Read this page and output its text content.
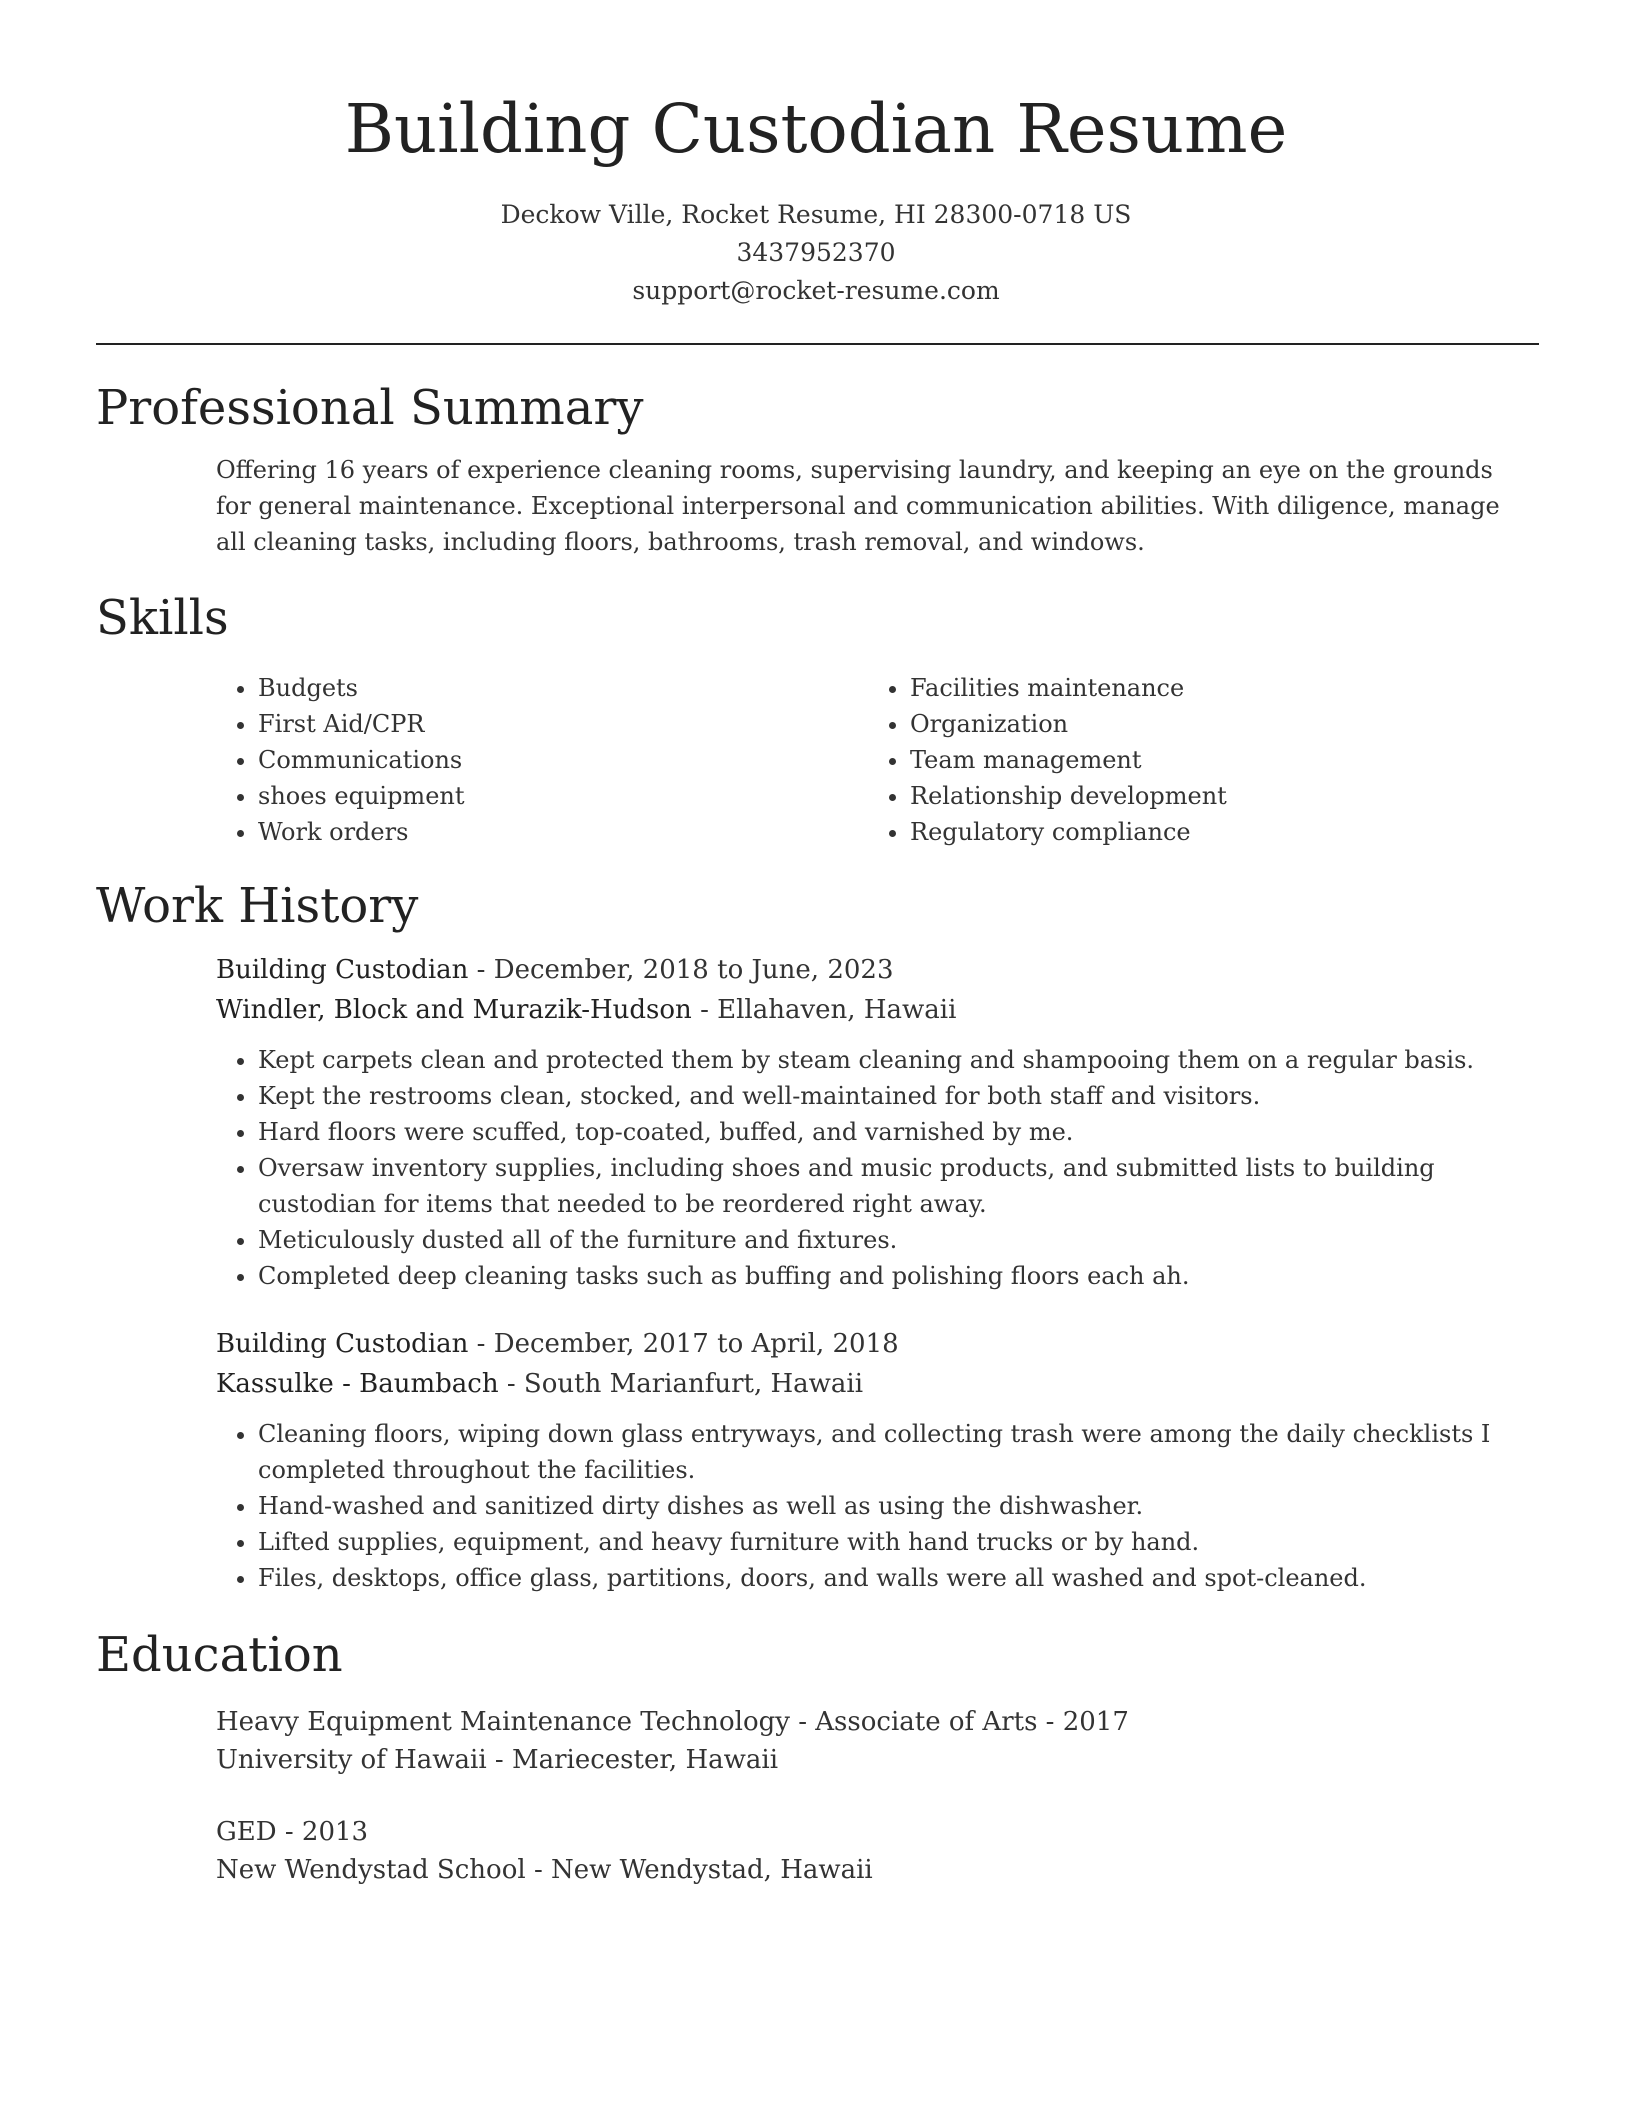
Building Custodian Resume
Deckow Ville, Rocket Resume, HI 28300-0718 US
3437952370
support@rocket-resume.com
Professional Summary

Offering 16 years of experience cleaning rooms, supervising laundry, and keeping an eye on the grounds for general maintenance. Exceptional interpersonal and communication abilities. With diligence, manage all cleaning tasks, including floors, bathrooms, trash removal, and windows.

Skills
• Budgets
• First Aid/CPR
• Communications
• shoes equipment
• Work orders
• Facilities maintenance
• Organization
• Team management
• Relationship development
• Regulatory compliance
Work History
Building Custodian - December, 2018 to June, 2023
Windler, Block and Murazik-Hudson - Ellahaven, Hawaii
• Kept carpets clean and protected them by steam cleaning and shampooing them on a regular basis.
• Kept the restrooms clean, stocked, and well-maintained for both staff and visitors.
• Hard floors were scuffed, top-coated, buffed, and varnished by me.
• Oversaw inventory supplies, including shoes and music products, and submitted lists to building custodian for items that needed to be reordered right away.
• Meticulously dusted all of the furniture and fixtures.
• Completed deep cleaning tasks such as buffing and polishing floors each ah.
Building Custodian - December, 2017 to April, 2018
Kassulke - Baumbach - South Marianfurt, Hawaii
• Cleaning floors, wiping down glass entryways, and collecting trash were among the daily checklists I completed throughout the facilities.
• Hand-washed and sanitized dirty dishes as well as using the dishwasher.
• Lifted supplies, equipment, and heavy furniture with hand trucks or by hand.
• Files, desktops, office glass, partitions, doors, and walls were all washed and spot-cleaned.
Education
Heavy Equipment Maintenance Technology - Associate of Arts - 2017
University of Hawaii - Mariecester, Hawaii
GED - 2013
New Wendystad School - New Wendystad, Hawaii
